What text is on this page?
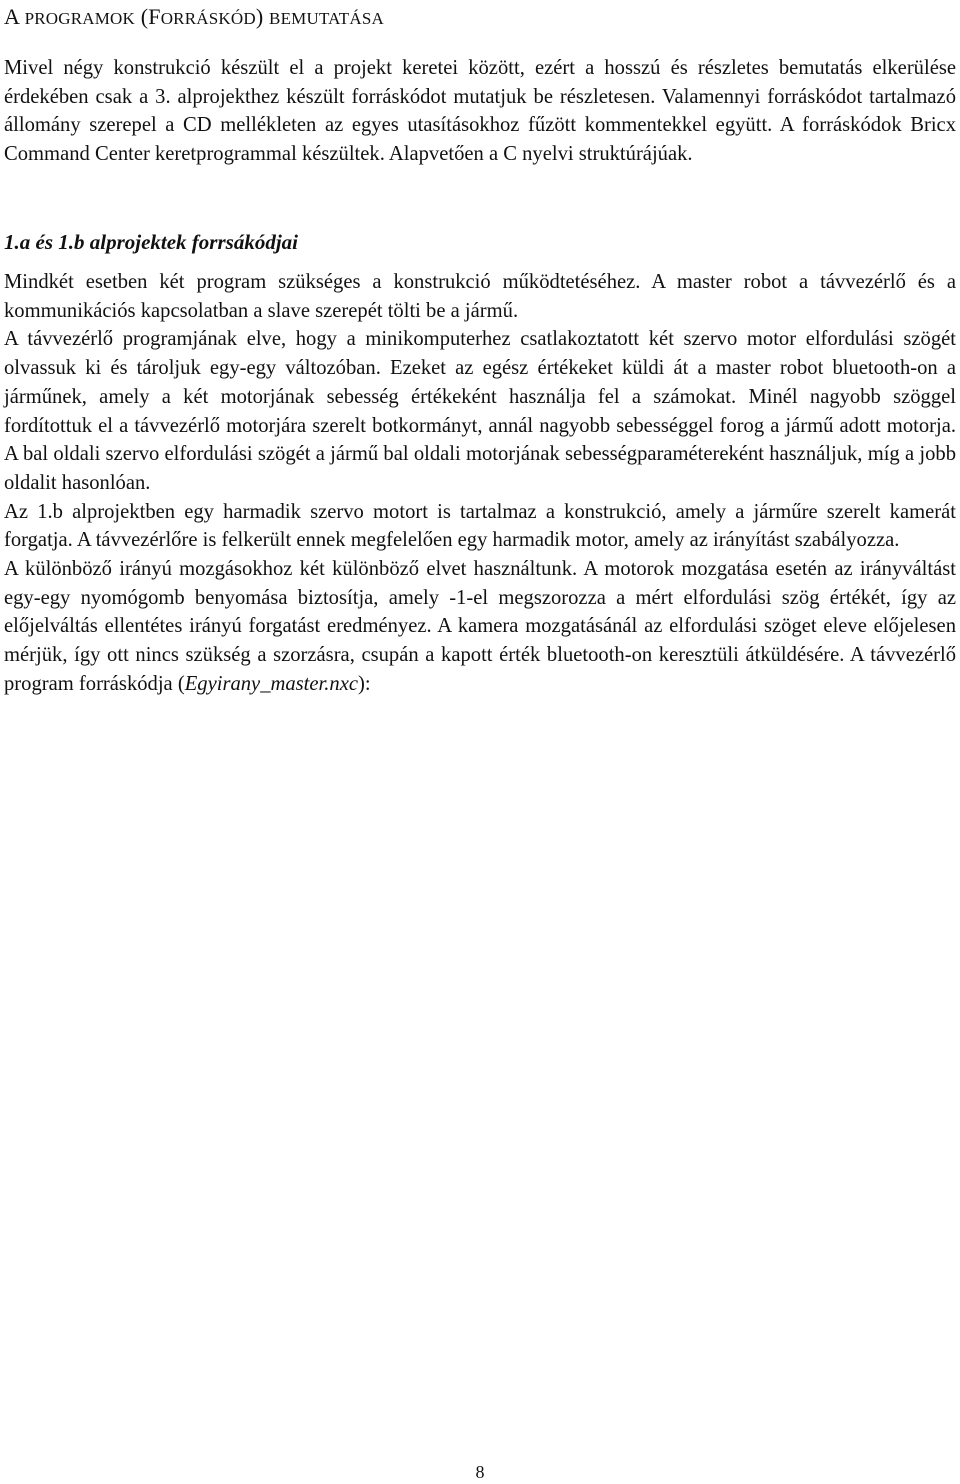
A PROGRAMOK (FORRÁSKÓD) BEMUTATÁSA

Mivel négy konstrukció készült el a projekt keretei között, ezért a hosszú és részletes bemutatás elkerülése érdekében csak a 3. alprojekthez készült forráskódot mutatjuk be részletesen. Valamennyi forráskódot tartalmazó állomány szerepel a CD mellékleten az egyes utasításokhoz fűzött kommentekkel együtt. A forráskódok Bricx Command Center keretprogrammal készültek. Alapvetően a C nyelvi struktúrájúak.

1.a és 1.b alprojektek forrsákódjai
Mindkét esetben két program szükséges a konstrukció működtetéséhez. A master robot a távvezérlő és a kommunikációs kapcsolatban a slave szerepét tölti be a jármű.
A távvezérlő programjának elve, hogy a minikomputerhez csatlakoztatott két szervo motor elfordulási szögét olvassuk ki és tároljuk egy-egy változóban. Ezeket az egész értékeket küldi át a master robot bluetooth-on a járműnek, amely a két motorjának sebesség értékeként használja fel a számokat. Minél nagyobb szöggel fordítottuk el a távvezérlő motorjára szerelt botkormányt, annál nagyobb sebességgel forog a jármű adott motorja. A bal oldali szervo elfordulási szögét a jármű bal oldali motorjának sebességparamétereként használjuk, míg a jobb oldalit hasonlóan.
Az 1.b alprojektben egy harmadik szervo motort is tartalmaz a konstrukció, amely a járműre szerelt kamerát forgatja. A távvezérlőre is felkerült ennek megfelelően egy harmadik motor, amely az irányítást szabályozza.
A különböző irányú mozgásokhoz két különböző elvet használtunk. A motorok mozgatása esetén az irányváltást egy-egy nyomógomb benyomása biztosítja, amely -1-el megszorozza a mért elfordulási szög értékét, így az előjelváltás ellentétes irányú forgatást eredményez. A kamera mozgatásánál az elfordulási szöget eleve előjelesen mérjük, így ott nincs szükség a szorzásra, csupán a kapott érték bluetooth-on keresztüli átküldésére. A távvezérlő program forráskódja (Egyirany_master.nxc):
8
